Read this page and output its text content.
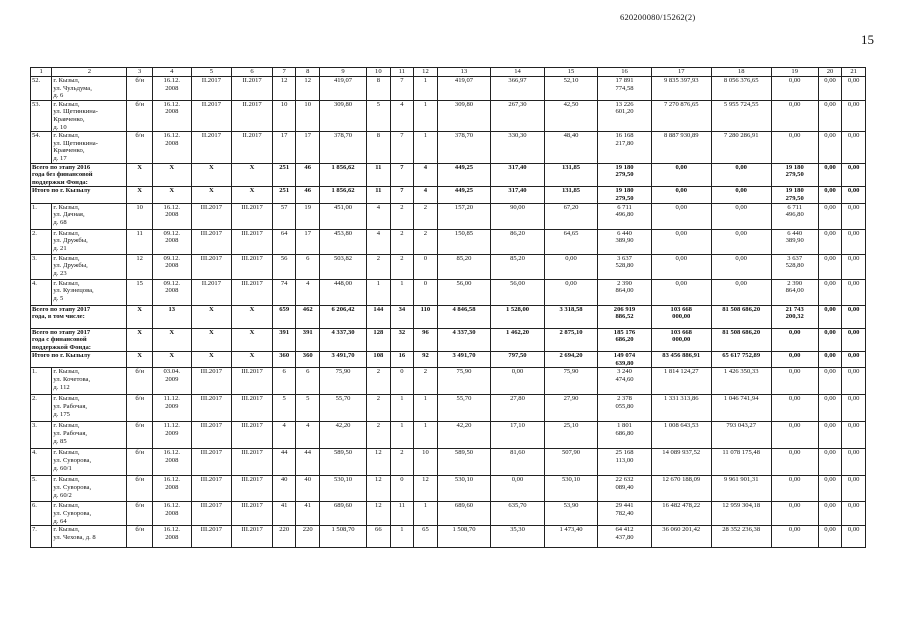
620200080/15262(2)
15
1	2	3	4	5	6	7	8	9	10	11	12	13	14	15	16	17	18	19	20	21
52.	г. Кызыл,
ул. Чульдума,
д. 6	б/н	16.12.
2008	II.2017	II.2017	12	12	419,07	8	7	1	419,07	366,97	52,10	17 891
774,58	9 835 397,93	8 056 376,65	0,00	0,00	0,00
53.	г. Кызыл,
ул. Щетинкина-
Кравченко,
д. 10	б/н	16.12.
2008	II.2017	II.2017	10	10	309,80	5	4	1	309,80	267,30	42,50	13 226
601,20	7 270 876,65	5 955 724,55	0,00	0,00	0,00
54.	г. Кызыл,
ул. Щетинкина-
Кравченко,
д. 17	б/н	16.12.
2008	II.2017	II.2017	17	17	378,70	8	7	1	378,70	330,30	48,40	16 168
217,80	8 887 930,89	7 280 286,91	0,00	0,00	0,00
Всего по этапу 2016
года без финансовой
поддержки Фонда:		X	X	X	X	251	46	1 856,62	11	7	4	449,25	317,40	131,85	19 180
279,50	0,00	0,00	19 180
279,50	0,00	0,00
Итого по г. Кызылу		X	X	X	X	251	46	1 856,62	11	7	4	449,25	317,40	131,85	19 180
279,50	0,00	0,00	19 180
279,50	0,00	0,00
1.	г. Кызыл,
ул. Дачная,
д. 68	10	16.12.
2008	III.2017	III.2017	57	19	451,00	4	2	2	157,20	90,00	67,20	6 711
496,80	0,00	0,00	6 711
496,80	0,00	0,00
2.	г. Кызыл,
ул. Дружбы,
д. 21	11	09.12.
2008	III.2017	III.2017	64	17	453,80	4	2	2	150,85	86,20	64,65	6 440
389,90	0,00	0,00	6 440
389,90	0,00	0,00
3.	г. Кызыл,
ул. Дружбы,
д. 23	12	09.12.
2008	III.2017	III.2017	56	6	503,82	2	2	0	85,20	85,20	0,00	3 637
528,80	0,00	0,00	3 637
528,80	0,00	0,00
4.	г. Кызыл,
ул. Кузнецова,
д. 5	15	09.12.
2008	II.2017	III.2017	74	4	448,00	1	1	0	56,00	56,00	0,00	2 390
864,00	0,00	0,00	2 390
864,00	0,00	0,00
Всего по этапу 2017
года, в том числе:		X	13	X	X	659	462	6 206,42	144	34	110	4 846,58	1 528,00	3 318,58	206 919
886,52	103 668
000,00	81 508 686,20	21 743
200,32	0,00	0,00
Всего по этапу 2017
года с финансовой
поддержкой Фонда:		X	X	X	X	391	391	4 337,30	128	32	96	4 337,30	1 462,20	2 875,10	185 176
686,20	103 668
000,00	81 508 686,20	0,00	0,00	0,00
Итого по г. Кызылу		X	X	X	X	360	360	3 491,70	108	16	92	3 491,70	797,50	2 694,20	149 074
639,80	83 456 886,91	65 617 752,89	0,00	0,00	0,00
1.	г. Кызыл,
ул. Кочетова,
д. 112	б/н	03.04.
2009	III.2017	III.2017	6	6	75,90	2	0	2	75,90	0,00	75,90	3 240
474,60	1 814 124,27	1 426 350,33	0,00	0,00	0,00
2.	г. Кызыл,
ул. Рабочая,
д. 175	б/н	11.12.
2009	III.2017	III.2017	5	5	55,70	2	1	1	55,70	27,80	27,90	2 378
055,80	1 331 313,86	1 046 741,94	0,00	0,00	0,00
3.	г. Кызыл,
ул. Рабочая,
д. 85	б/н	11.12.
2009	III.2017	III.2017	4	4	42,20	2	1	1	42,20	17,10	25,10	1 801
686,80	1 008 643,53	793 043,27	0,00	0,00	0,00
4.	г. Кызыл,
ул. Суворова,
д. 60/1	б/н	16.12.
2008	III.2017	III.2017	44	44	589,50	12	2	10	589,50	81,60	507,90	25 168
113,00	14 089 937,52	11 078 175,48	0,00	0,00	0,00
5.	г. Кызыл,
ул. Суворова,
д. 60/2	б/н	16.12.
2008	III.2017	III.2017	40	40	530,10	12	0	12	530,10	0,00	530,10	22 632
089,40	12 670 188,09	9 961 901,31	0,00	0,00	0,00
6.	г. Кызыл,
ул. Суворова,
д. 64	б/н	16.12.
2008	III.2017	III.2017	41	41	689,60	12	11	1	689,60	635,70	53,90	29 441
782,40	16 482 478,22	12 959 304,18	0,00	0,00	0,00
7.	г. Кызыл,
ул. Чехова, д. 8	б/н	16.12.
2008	III.2017	III.2017	220	220	1 508,70	66	1	65	1 508,70	35,30	1 473,40	64 412
437,80	36 060 201,42	28 352 236,38	0,00	0,00	0,00
